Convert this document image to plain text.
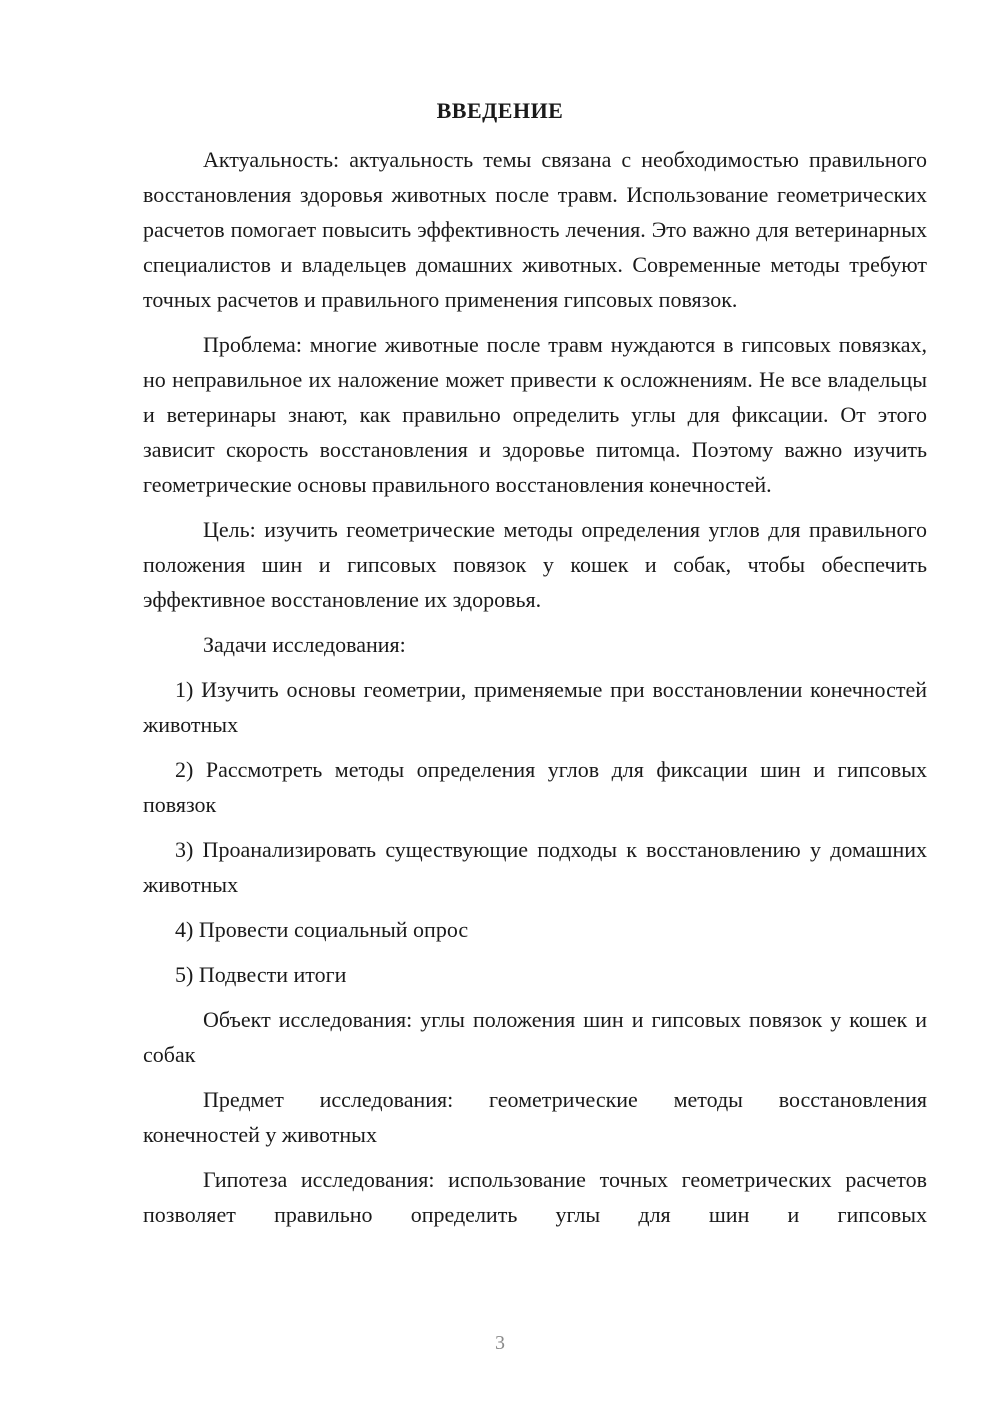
ВВЕДЕНИЕ

Актуальность: актуальность темы связана с необходимостью правильного восстановления здоровья животных после травм. Использование геометрических расчетов помогает повысить эффективность лечения. Это важно для ветеринарных специалистов и владельцев домашних животных. Современные методы требуют точных расчетов и правильного применения гипсовых повязок.

Проблема: многие животные после травм нуждаются в гипсовых повязках, но неправильное их наложение может привести к осложнениям. Не все владельцы и ветеринары знают, как правильно определить углы для фиксации. От этого зависит скорость восстановления и здоровье питомца. Поэтому важно изучить геометрические основы правильного восстановления конечностей.

Цель: изучить геометрические методы определения углов для правильного положения шин и гипсовых повязок у кошек и собак, чтобы обеспечить эффективное восстановление их здоровья.

Задачи исследования:

1) Изучить основы геометрии, применяемые при восстановлении конечностей животных

2) Рассмотреть методы определения углов для фиксации шин и гипсовых повязок

3) Проанализировать существующие подходы к восстановлению у домашних животных

4) Провести социальный опрос

5) Подвести итоги

Объект исследования: углы положения шин и гипсовых повязок у кошек и собак

Предмет исследования: геометрические методы восстановления конечностей у животных

Гипотеза исследования: использование точных геометрических расчетов позволяет правильно определить углы для шин и гипсовых

3
